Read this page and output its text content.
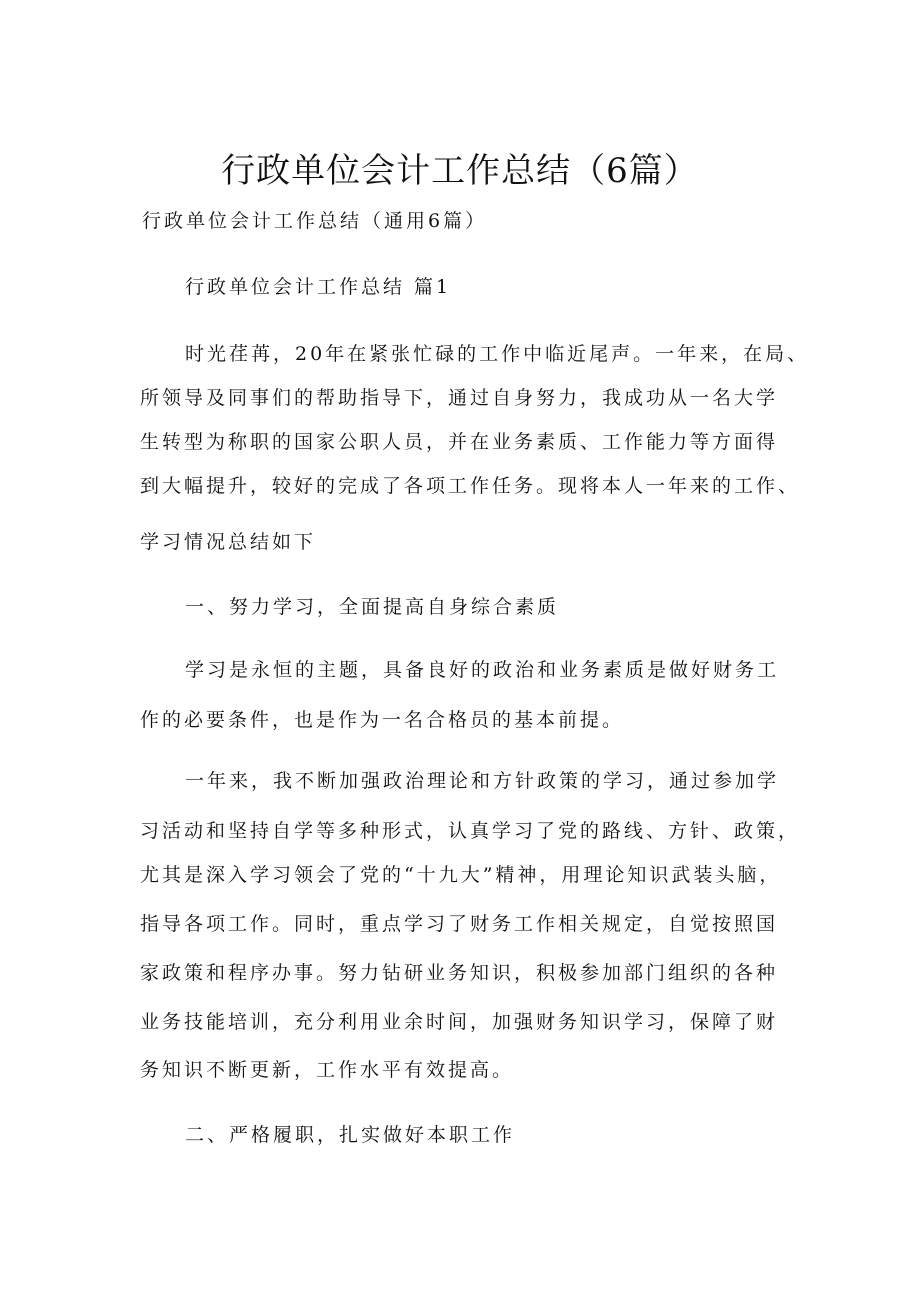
行政单位会计工作总结（6篇）
行政单位会计工作总结（通用6篇）
行政单位会计工作总结 篇1
时光荏苒，20年在紧张忙碌的工作中临近尾声。一年来，在局、
所领导及同事们的帮助指导下，通过自身努力，我成功从一名大学
生转型为称职的国家公职人员，并在业务素质、工作能力等方面得
到大幅提升，较好的完成了各项工作任务。现将本人一年来的工作、
学习情况总结如下
一、努力学习，全面提高自身综合素质
学习是永恒的主题，具备良好的政治和业务素质是做好财务工
作的必要条件，也是作为一名合格员的基本前提。
一年来，我不断加强政治理论和方针政策的学习，通过参加学
习活动和坚持自学等多种形式，认真学习了党的路线、方针、政策，
尤其是深入学习领会了党的“十九大”精神，用理论知识武装头脑，
指导各项工作。同时，重点学习了财务工作相关规定，自觉按照国
家政策和程序办事。努力钻研业务知识，积极参加部门组织的各种
业务技能培训，充分利用业余时间，加强财务知识学习，保障了财
务知识不断更新，工作水平有效提高。
二、严格履职，扎实做好本职工作
